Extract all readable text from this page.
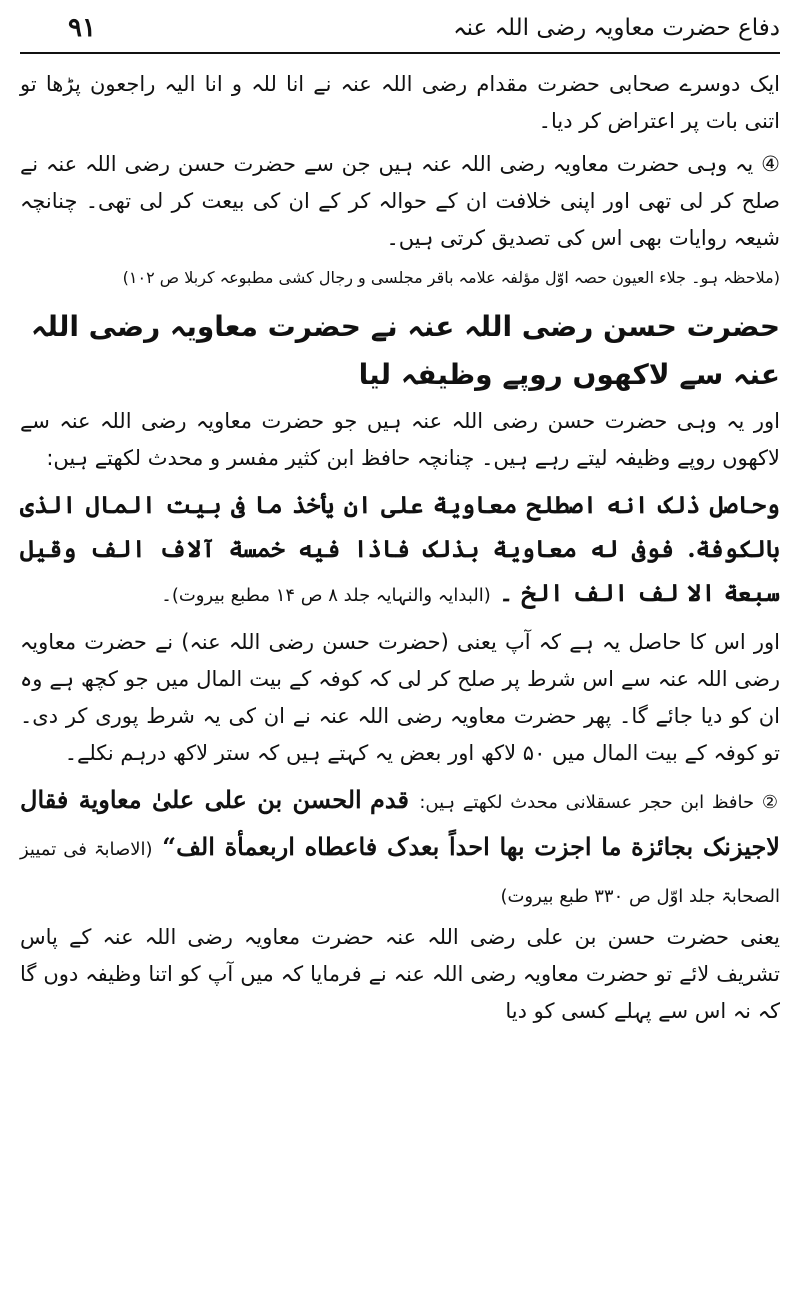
۹۱	دفاع حضرت معاویہ رضی اللہ عنہ

ایک دوسرے صحابی حضرت مقدام رضی اللہ عنہ نے انا للہ و انا الیہ راجعون پڑھا تو اتنی بات پر اعتراض کر دیا۔

④ یہ وہی حضرت معاویہ رضی اللہ عنہ ہیں جن سے حضرت حسن رضی اللہ عنہ نے صلح کر لی تھی اور اپنی خلافت ان کے حوالہ کر کے ان کی بیعت کر لی تھی۔ چنانچہ شیعہ روایات بھی اس کی تصدیق کرتی ہیں۔

(ملاحظہ ہو۔ جلاء العیون حصہ اوّل مؤلفہ علامہ باقر مجلسی و رجال کشی مطبوعہ کربلا ص ۱۰۲)

حضرت حسن رضی اللہ عنہ نے حضرت معاویہ رضی اللہ عنہ سے لاکھوں روپے وظیفہ لیا

اور یہ وہی حضرت حسن رضی اللہ عنہ ہیں جو حضرت معاویہ رضی اللہ عنہ سے لاکھوں روپے وظیفہ لیتے رہے ہیں۔ چنانچہ حافظ ابن کثیر مفسر و محدث لکھتے ہیں:

وحاصل ذلک انه اصطلح معاوية على ان يأخذ ما فى بيت المال الذى بالكوفة. فوفى له معاوية بذلک فاذا فيه خمسة آلاف الف وقيل سبعة الا لف الف الخ ۔ (البدایہ والنہایہ جلد ۸ ص ۱۴ مطبع بیروت)۔

اور اس کا حاصل یہ ہے کہ آپ یعنی (حضرت حسن رضی اللہ عنہ) نے حضرت معاویہ رضی اللہ عنہ سے اس شرط پر صلح کر لی کہ کوفہ کے بیت المال میں جو کچھ ہے وہ ان کو دیا جائے گا۔ پھر حضرت معاویہ رضی اللہ عنہ نے ان کی یہ شرط پوری کر دی۔ تو کوفہ کے بیت المال میں ۵۰ لاکھ اور بعض یہ کہتے ہیں کہ ستر لاکھ درہم نکلے۔

② حافظ ابن حجر عسقلانی محدث لکھتے ہیں: قدم الحسن بن على علىٰ معاوية فقال لاجيزنک بجائزة ما اجزت بها احداً بعدک فاعطاه اربعمأة الف“ (الاصابۃ فی تمییز الصحابۃ جلد اوّل ص ۳۳۰ طبع بیروت)

یعنی حضرت حسن بن علی رضی اللہ عنہ حضرت معاویہ رضی اللہ عنہ کے پاس تشریف لائے تو حضرت معاویہ رضی اللہ عنہ نے فرمایا کہ میں آپ کو اتنا وظیفہ دوں گا کہ نہ اس سے پہلے کسی کو دیا
